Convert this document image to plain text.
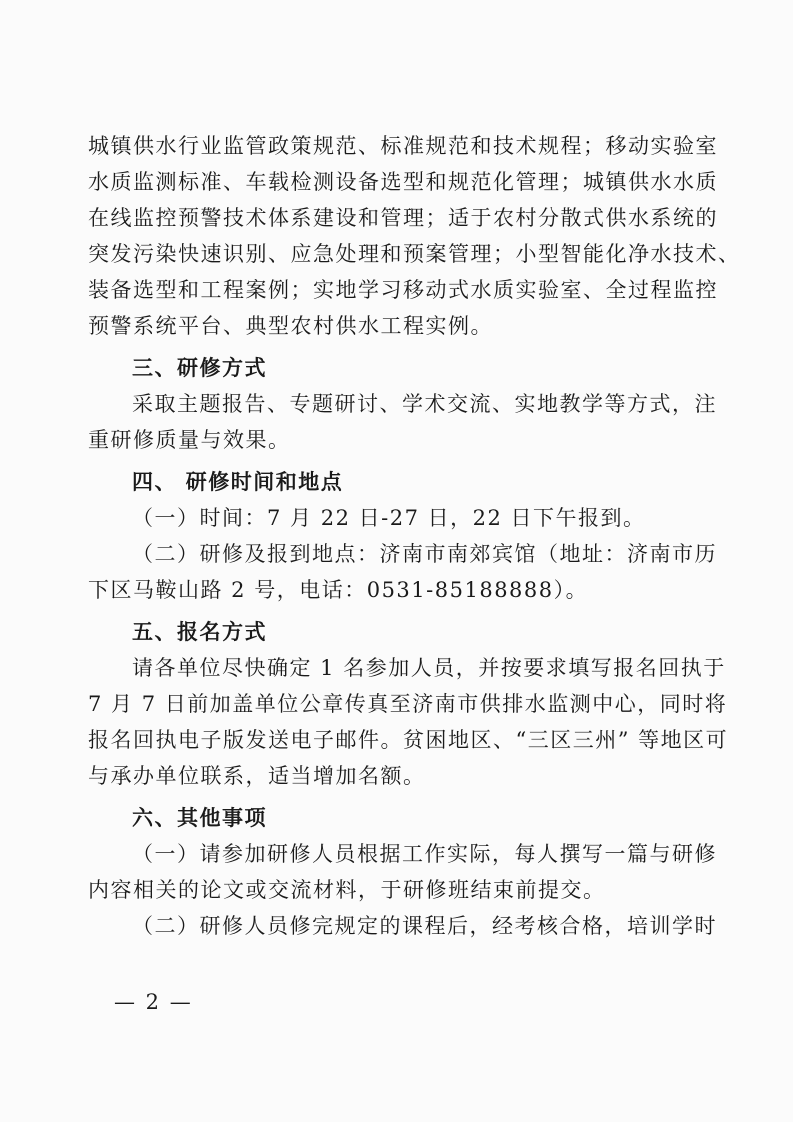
城镇供水行业监管政策规范、标准规范和技术规程；移动实验室
水质监测标准、车载检测设备选型和规范化管理；城镇供水水质
在线监控预警技术体系建设和管理；适于农村分散式供水系统的
突发污染快速识别、应急处理和预案管理；小型智能化净水技术、
装备选型和工程案例；实地学习移动式水质实验室、全过程监控
预警系统平台、典型农村供水工程实例。
三、研修方式
采取主题报告、专题研讨、学术交流、实地教学等方式，注
重研修质量与效果。
四、 研修时间和地点
（一）时间：7 月 22 日-27 日，22 日下午报到。
（二）研修及报到地点：济南市南郊宾馆（地址：济南市历
下区马鞍山路 2 号，电话：0531-85188888）。
五、报名方式
请各单位尽快确定 1 名参加人员，并按要求填写报名回执于
7 月 7 日前加盖单位公章传真至济南市供排水监测中心，同时将
报名回执电子版发送电子邮件。贫困地区、“三区三州” 等地区可
与承办单位联系，适当增加名额。
六、其他事项
（一）请参加研修人员根据工作实际，每人撰写一篇与研修
内容相关的论文或交流材料，于研修班结束前提交。
（二）研修人员修完规定的课程后，经考核合格，培训学时
— 2 —
